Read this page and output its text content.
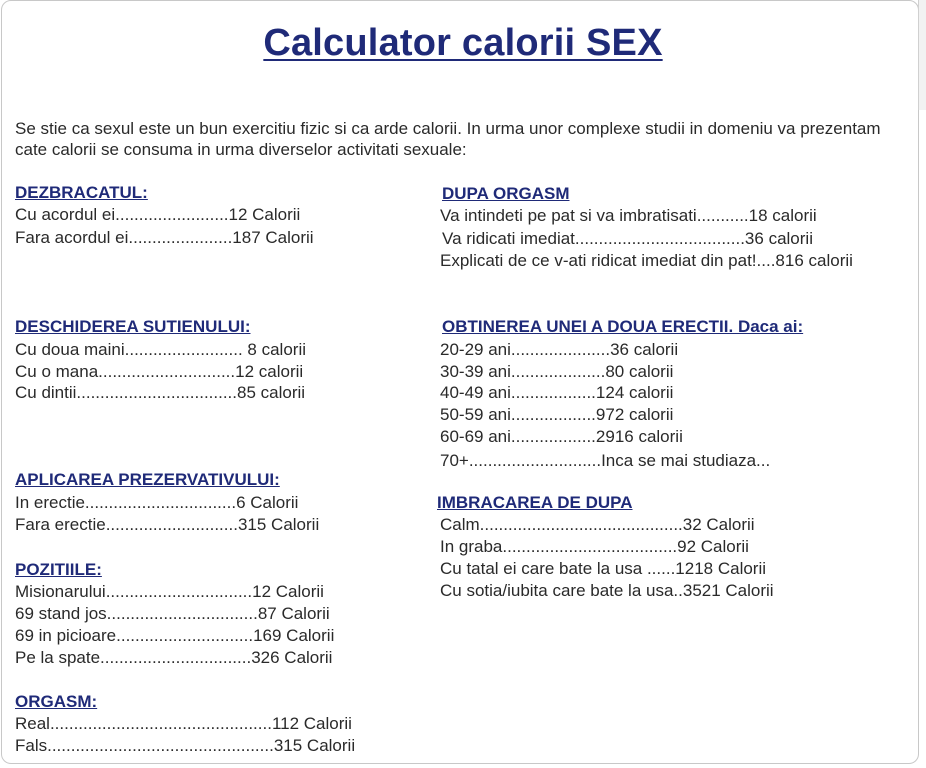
Calculator calorii SEX
Se stie ca sexul este un bun exercitiu fizic si ca arde calorii. In urma unor complexe studii in domeniu va prezentam cate calorii se consuma in urma diverselor activitati sexuale:
DEZBRACATUL:
Cu acordul ei........................12 Calorii
Fara acordul ei......................187 Calorii
DESCHIDEREA SUTIENULUI:
Cu doua maini......................... 8 calorii
Cu o mana.............................12 calorii
Cu dintii..................................85 calorii
APLICAREA PREZERVATIVULUI:
In erectie................................6 Calorii
Fara erectie............................315 Calorii
POZITIILE:
Misionarului...............................12 Calorii
69 stand jos................................87 Calorii
69 in picioare.............................169 Calorii
Pe la spate................................326 Calorii
ORGASM:
Real...............................................112 Calorii
Fals................................................315 Calorii
DUPA ORGASM
Va intindeti pe pat si va imbratisati...........18 calorii
Va ridicati imediat....................................36 calorii
Explicati de ce v-ati ridicat imediat din pat!....816 calorii
OBTINEREA UNEI A DOUA ERECTII. Daca ai:
20-29 ani.....................36 calorii
30-39 ani....................80 calorii
40-49 ani..................124 calorii
50-59 ani..................972 calorii
60-69 ani..................2916 calorii
70+............................Inca se mai studiaza...
IMBRACAREA DE DUPA
Calm...........................................32 Calorii
In graba.....................................92 Calorii
Cu tatal ei care bate la usa ......1218 Calorii
Cu sotia/iubita care bate la usa..3521 Calorii
